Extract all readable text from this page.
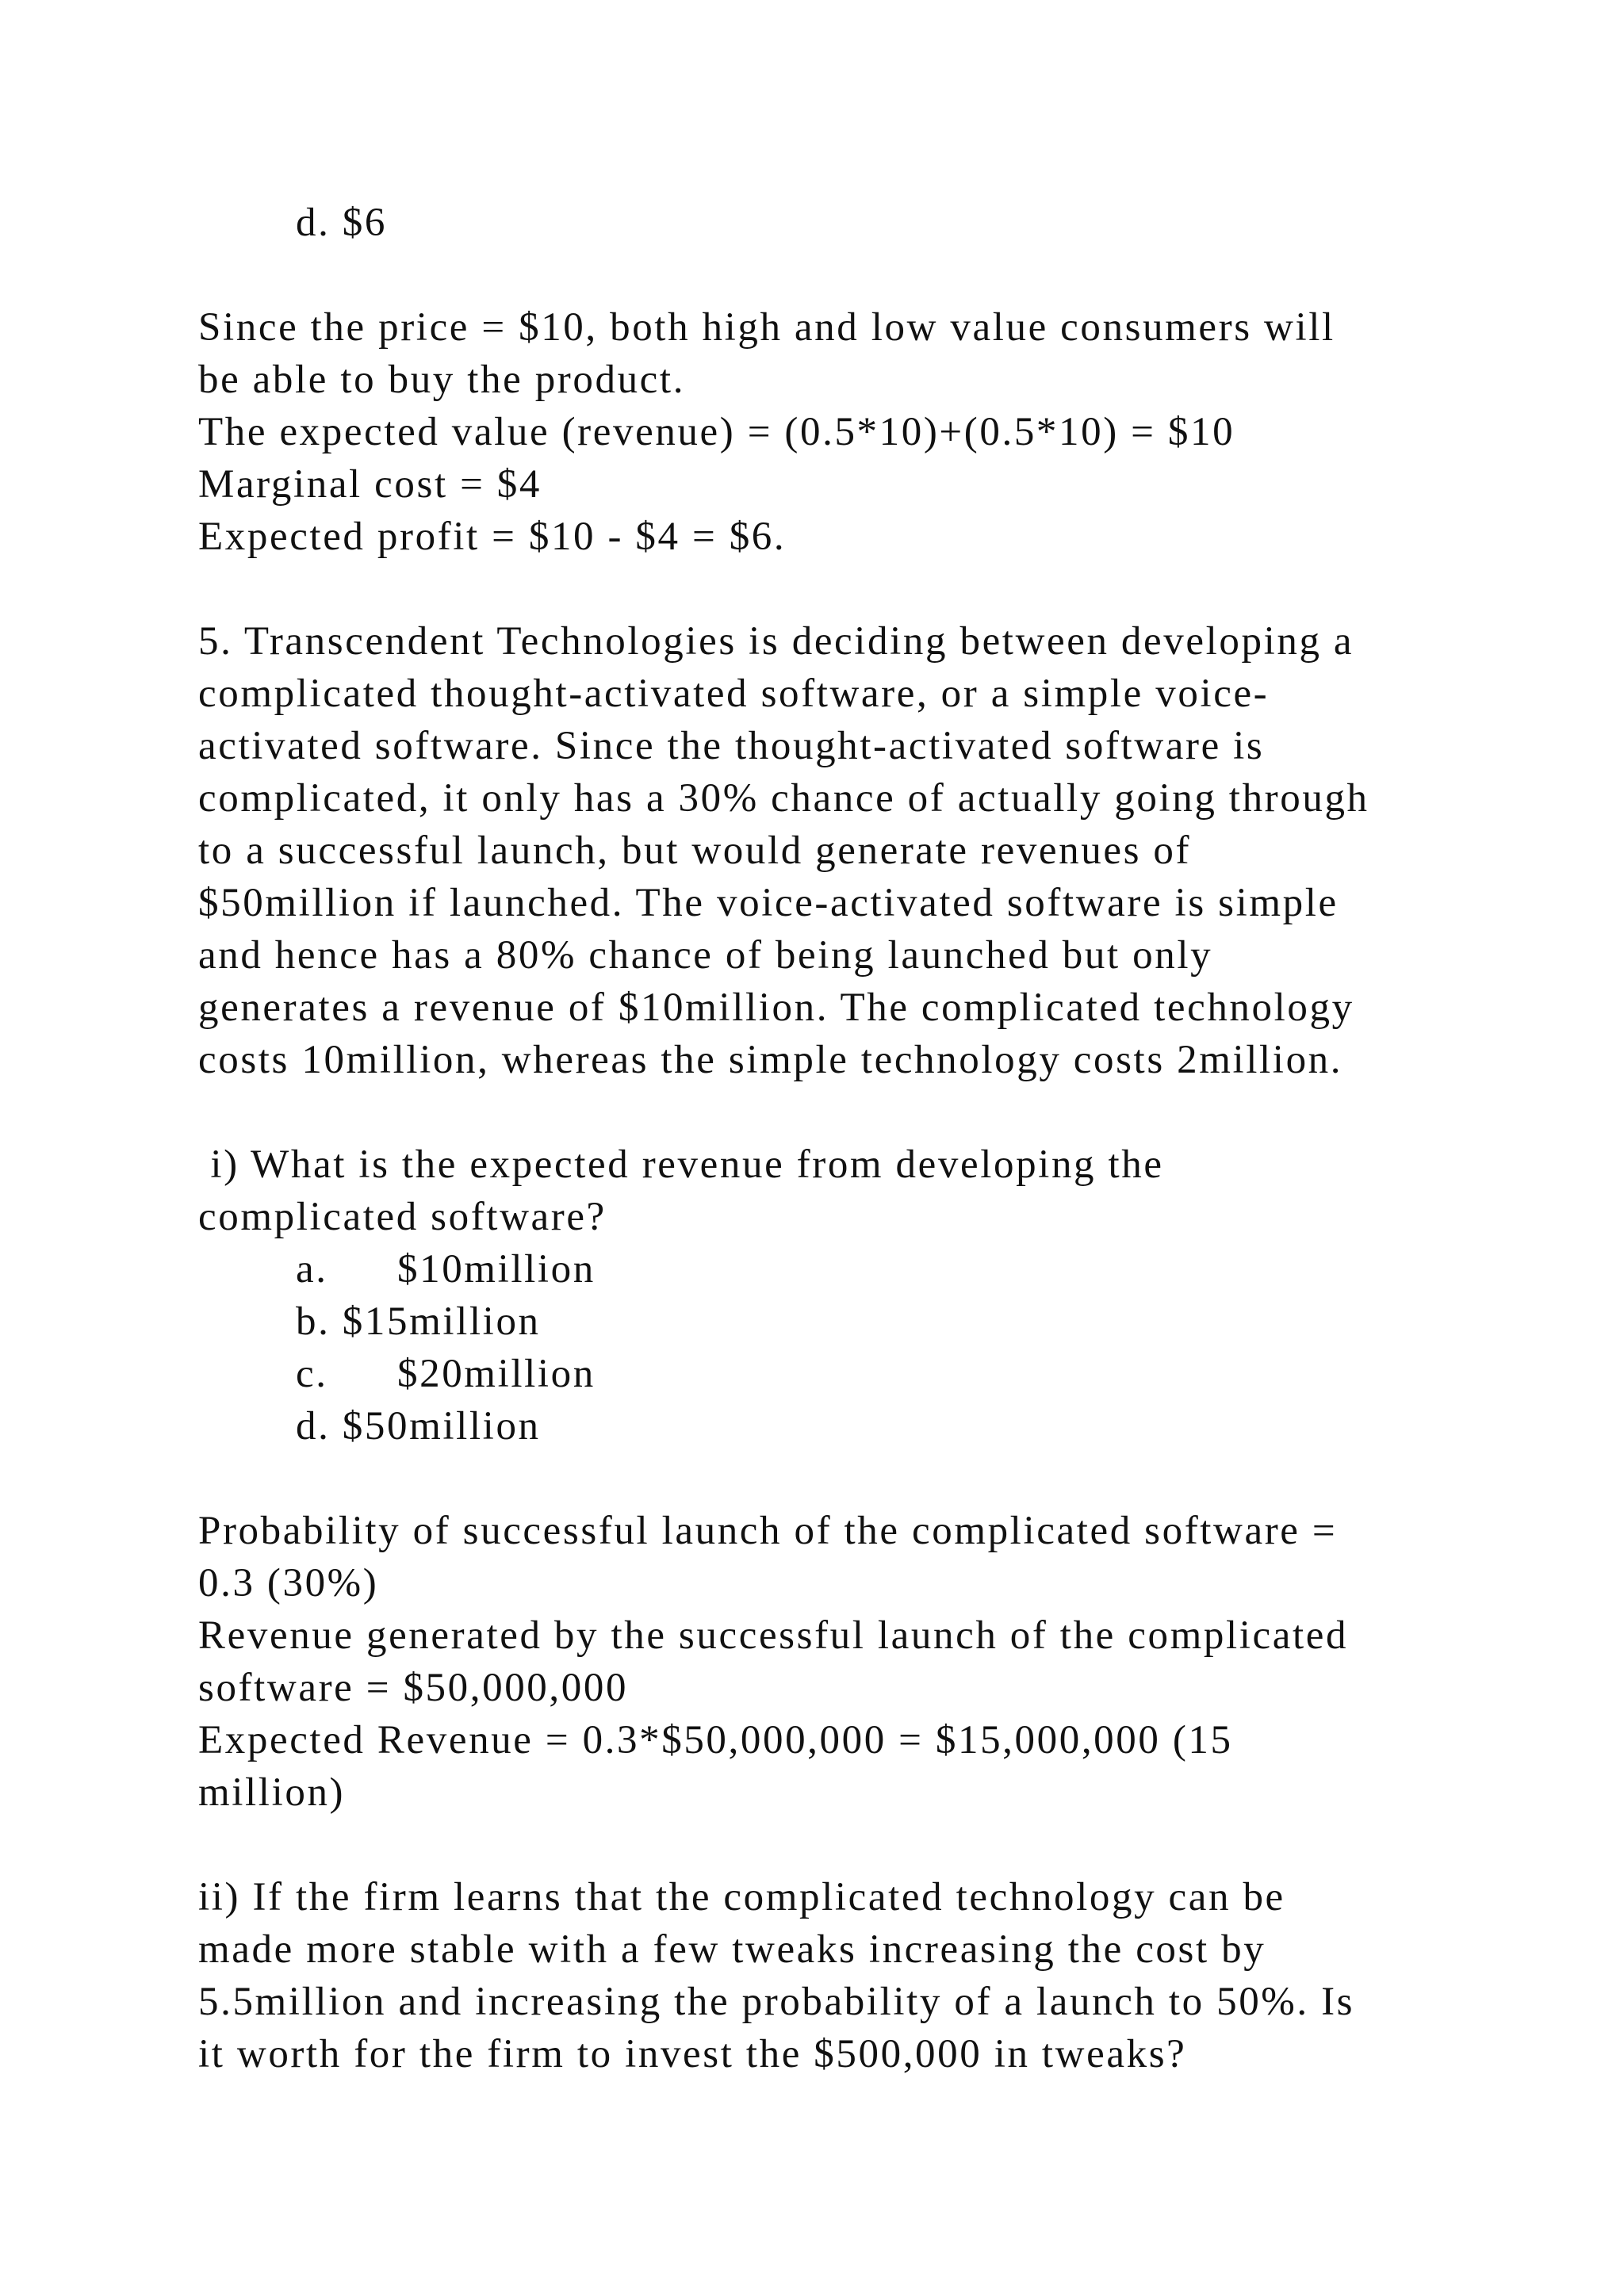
d. $6

Since the price = $10, both high and low value consumers will

be able to buy the product.

The expected value (revenue) = (0.5*10)+(0.5*10) = $10

Marginal cost = $4

Expected profit = $10 - $4 = $6.

5. Transcendent Technologies is deciding between developing a

complicated thought-activated software, or a simple voice-

activated software. Since the thought-activated software is

complicated, it only has a 30% chance of actually going through

to a successful launch, but would generate revenues of

$50million if launched. The voice-activated software is simple

and hence has a 80% chance of being launched but only

generates a revenue of $10million. The complicated technology

costs 10million, whereas the simple technology costs 2million.

i) What is the expected revenue from developing the

complicated software?

a. $10million

b. $15million

c. $20million

d. $50million

Probability of successful launch of the complicated software =

0.3 (30%)

Revenue generated by the successful launch of the complicated

software = $50,000,000

Expected Revenue = 0.3*$50,000,000 = $15,000,000 (15

million)

ii) If the firm learns that the complicated technology can be

made more stable with a few tweaks increasing the cost by

5.5million and increasing the probability of a launch to 50%. Is

it worth for the firm to invest the $500,000 in tweaks?
